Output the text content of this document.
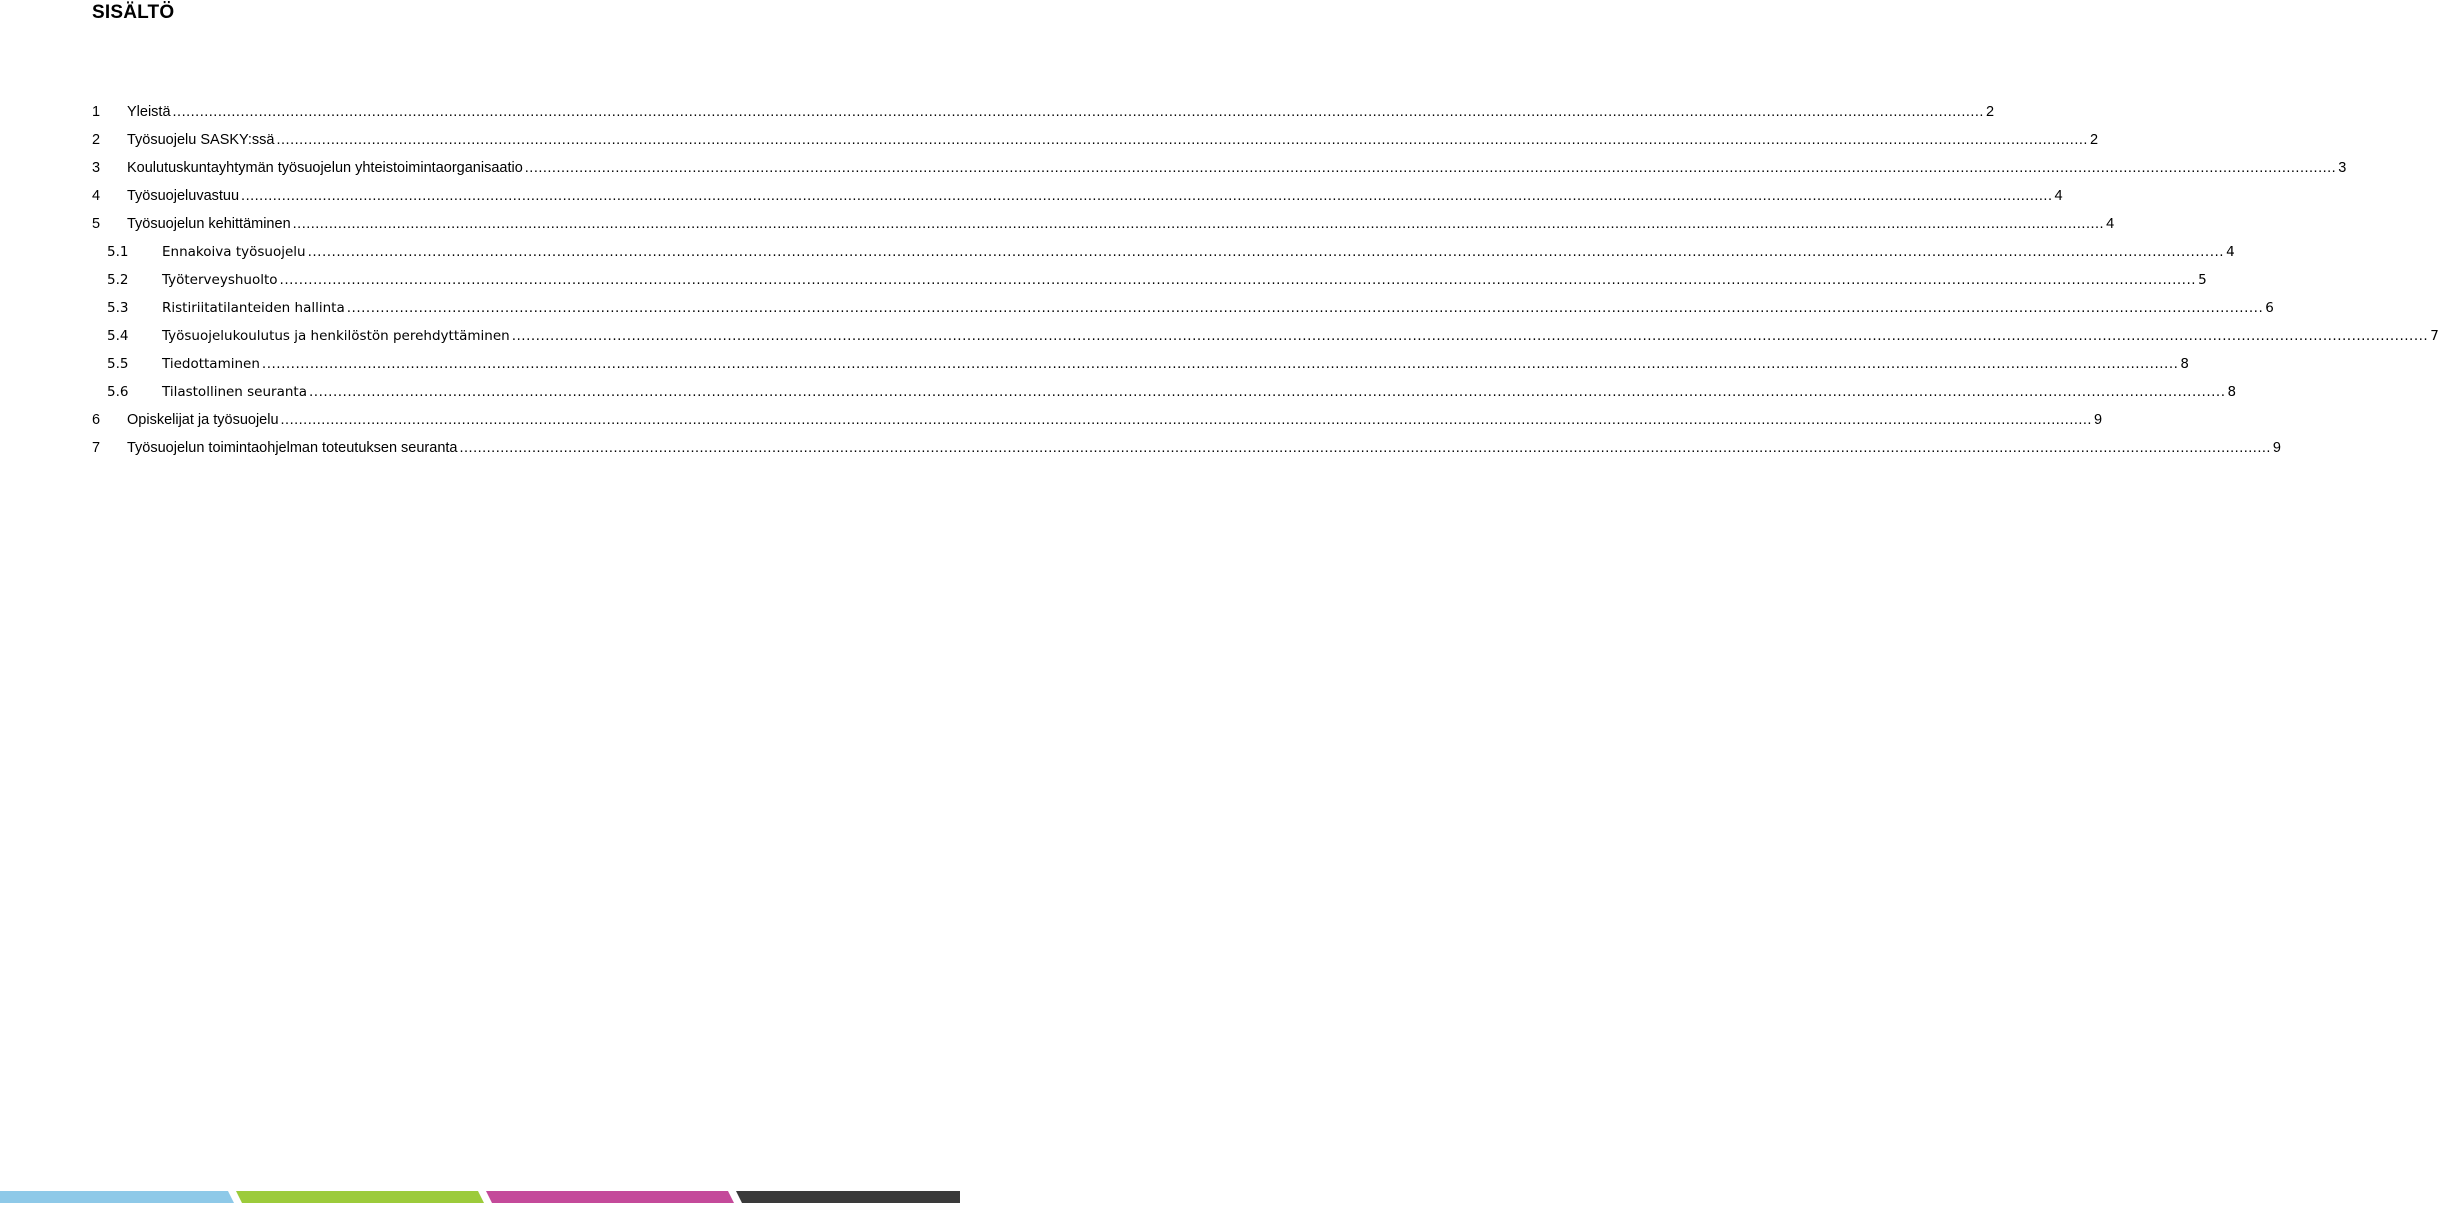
SISÄLTÖ
1	Yleistä ................................................................................................................................................................................................................................................................................................................................................................................................................ 2
2	Työsuojelu SASKY:ssä ................................................................................................................................................................................................................................................................................................................................................................................................................ 2
3	Koulutuskuntayhtymän työsuojelun yhteistoimintaorganisaatio ................................................................................................................................................................................................................................................................................................................................................................................................................ 3
4	Työsuojeluvastuu ................................................................................................................................................................................................................................................................................................................................................................................................................ 4
5	Työsuojelun kehittäminen ................................................................................................................................................................................................................................................................................................................................................................................................................ 4
5.1	Ennakoiva työsuojelu ................................................................................................................................................................................................................................................................................................................................................................................................................ 4
5.2	Työterveyshuolto ................................................................................................................................................................................................................................................................................................................................................................................................................ 5
5.3	Ristiriitatilanteiden hallinta ................................................................................................................................................................................................................................................................................................................................................................................................................ 6
5.4	Työsuojelukoulutus ja henkilöstön perehdyttäminen ................................................................................................................................................................................................................................................................................................................................................................................................................ 7
5.5	Tiedottaminen ................................................................................................................................................................................................................................................................................................................................................................................................................ 8
5.6	Tilastollinen seuranta ................................................................................................................................................................................................................................................................................................................................................................................................................ 8
6	Opiskelijat ja työsuojelu ................................................................................................................................................................................................................................................................................................................................................................................................................ 9
7	Työsuojelun toimintaohjelman toteutuksen seuranta ................................................................................................................................................................................................................................................................................................................................................................................................................ 9
